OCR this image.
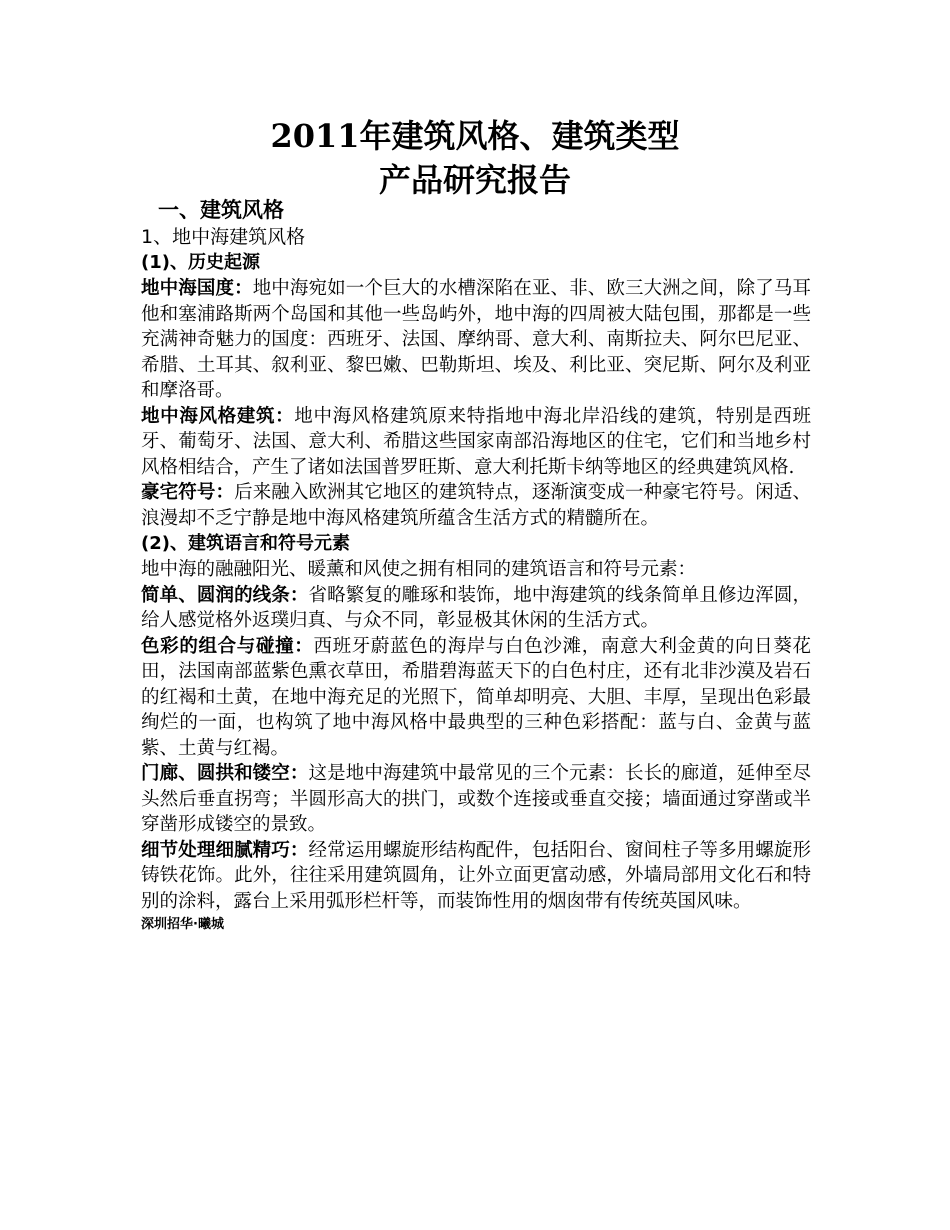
2011年建筑风格、建筑类型
产品研究报告
一、建筑风格
1、地中海建筑风格
(1)、历史起源

地中海国度：地中海宛如一个巨大的水槽深陷在亚、非、欧三大洲之间，除了马耳他和塞浦路斯两个岛国和其他一些岛屿外，地中海的四周被大陆包围，那都是一些充满神奇魅力的国度：西班牙、法国、摩纳哥、意大利、南斯拉夫、阿尔巴尼亚、希腊、土耳其、叙利亚、黎巴嫩、巴勒斯坦、埃及、利比亚、突尼斯、阿尔及利亚和摩洛哥。

地中海风格建筑：地中海风格建筑原来特指地中海北岸沿线的建筑，特别是西班牙、葡萄牙、法国、意大利、希腊这些国家南部沿海地区的住宅，它们和当地乡村风格相结合，产生了诸如法国普罗旺斯、意大利托斯卡纳等地区的经典建筑风格.

豪宅符号：后来融入欧洲其它地区的建筑特点，逐渐演变成一种豪宅符号。闲适、浪漫却不乏宁静是地中海风格建筑所蕴含生活方式的精髓所在。

(2)、建筑语言和符号元素

地中海的融融阳光、暖薰和风使之拥有相同的建筑语言和符号元素：

简单、圆润的线条：省略繁复的雕琢和装饰，地中海建筑的线条简单且修边浑圆，给人感觉格外返璞归真、与众不同，彰显极其休闲的生活方式。

色彩的组合与碰撞：西班牙蔚蓝色的海岸与白色沙滩，南意大利金黄的向日葵花田，法国南部蓝紫色熏衣草田，希腊碧海蓝天下的白色村庄，还有北非沙漠及岩石的红褐和土黄，在地中海充足的光照下，简单却明亮、大胆、丰厚，呈现出色彩最绚烂的一面，也构筑了地中海风格中最典型的三种色彩搭配：蓝与白、金黄与蓝紫、土黄与红褐。

门廊、圆拱和镂空：这是地中海建筑中最常见的三个元素：长长的廊道，延伸至尽头然后垂直拐弯；半圆形高大的拱门，或数个连接或垂直交接；墙面通过穿凿或半穿凿形成镂空的景致。

细节处理细腻精巧：经常运用螺旋形结构配件，包括阳台、窗间柱子等多用螺旋形铸铁花饰。此外，往往采用建筑圆角，让外立面更富动感，外墙局部用文化石和特别的涂料，露台上采用弧形栏杆等，而装饰性用的烟囱带有传统英国风味。

深圳招华·曦城
